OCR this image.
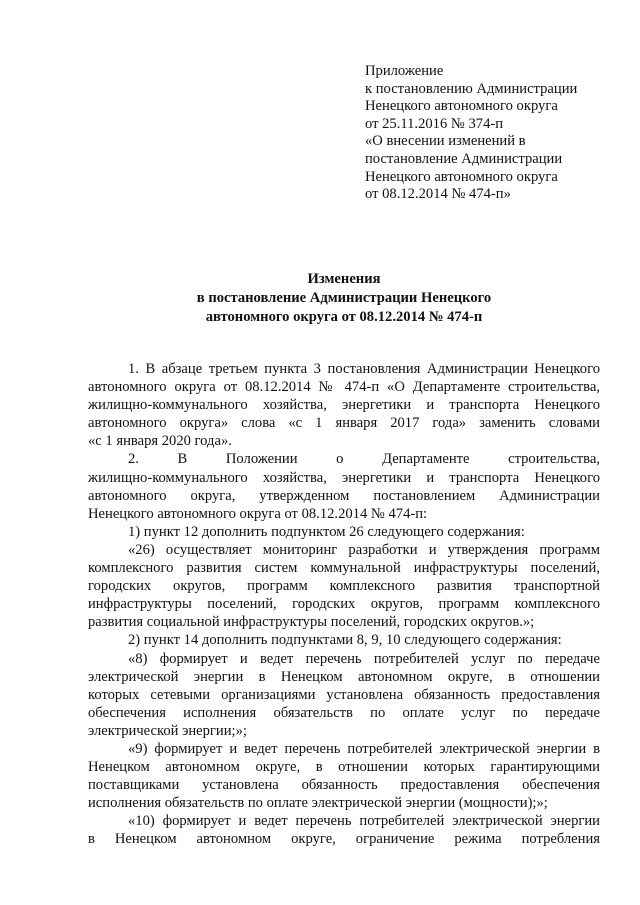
Приложение
к постановлению Администрации
Ненецкого автономного округа
от 25.11.2016 № 374-п
«О внесении изменений в
постановление Администрации
Ненецкого автономного округа
от 08.12.2014 № 474-п»
Изменения
в постановление Администрации Ненецкого
автономного округа от 08.12.2014 № 474-п
1. В абзаце третьем пункта 3 постановления Администрации Ненецкого
автономного округа от 08.12.2014 № 474-п «О Департаменте строительства,
жилищно-коммунального хозяйства, энергетики и транспорта Ненецкого
автономного округа» слова «с 1 января 2017 года» заменить словами
«с 1 января 2020 года».
2. В Положении о Департаменте строительства,
жилищно-коммунального хозяйства, энергетики и транспорта Ненецкого
автономного округа, утвержденном постановлением Администрации
Ненецкого автономного округа от 08.12.2014 № 474-п:
1) пункт 12 дополнить подпунктом 26 следующего содержания:
«26) осуществляет мониторинг разработки и утверждения программ
комплексного развития систем коммунальной инфраструктуры поселений,
городских округов, программ комплексного развития транспортной
инфраструктуры поселений, городских округов, программ комплексного
развития социальной инфраструктуры поселений, городских округов.»;
2) пункт 14 дополнить подпунктами 8, 9, 10 следующего содержания:
«8) формирует и ведет перечень потребителей услуг по передаче
электрической энергии в Ненецком автономном округе, в отношении
которых сетевыми организациями установлена обязанность предоставления
обеспечения исполнения обязательств по оплате услуг по передаче
электрической энергии;»;
«9) формирует и ведет перечень потребителей электрической энергии в
Ненецком автономном округе, в отношении которых гарантирующими
поставщиками установлена обязанность предоставления обеспечения
исполнения обязательств по оплате электрической энергии (мощности);»;
«10) формирует и ведет перечень потребителей электрической энергии
в Ненецком автономном округе, ограничение режима потребления
